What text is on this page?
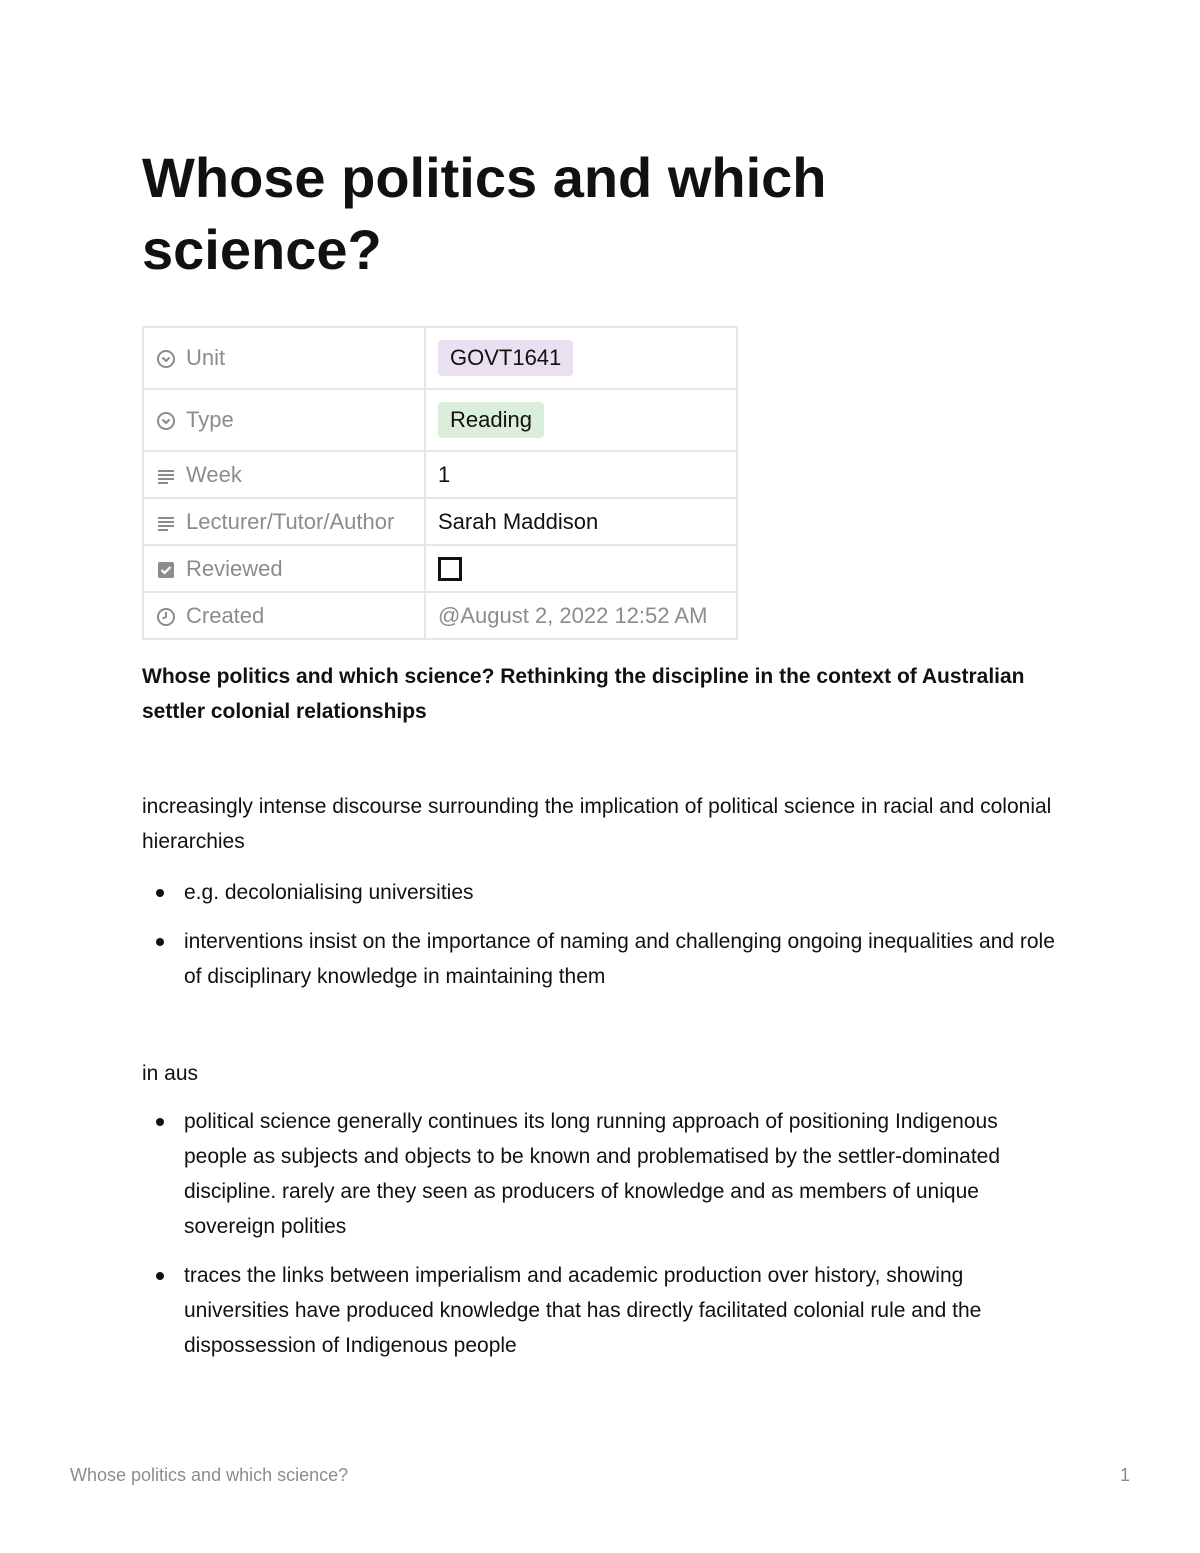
Whose politics and which science?
Unit	GOVT1641
Type	Reading
Week	1
Lecturer/Tutor/Author	Sarah Maddison
Reviewed	
Created	@August 2, 2022 12:52 AM

Whose politics and which science? Rethinking the discipline in the context of Australian settler colonial relationships

increasingly intense discourse surrounding the implication of political science in racial and colonial hierarchies

e.g. decolonialising universities
interventions insist on the importance of naming and challenging ongoing inequalities and role of disciplinary knowledge in maintaining them

in aus

political science generally continues its long running approach of positioning Indigenous people as subjects and objects to be known and problematised by the settler-dominated discipline. rarely are they seen as producers of knowledge and as members of unique sovereign polities
traces the links between imperialism and academic production over history, showing universities have produced knowledge that has directly facilitated colonial rule and the dispossession of Indigenous people
Whose politics and which science?	1
